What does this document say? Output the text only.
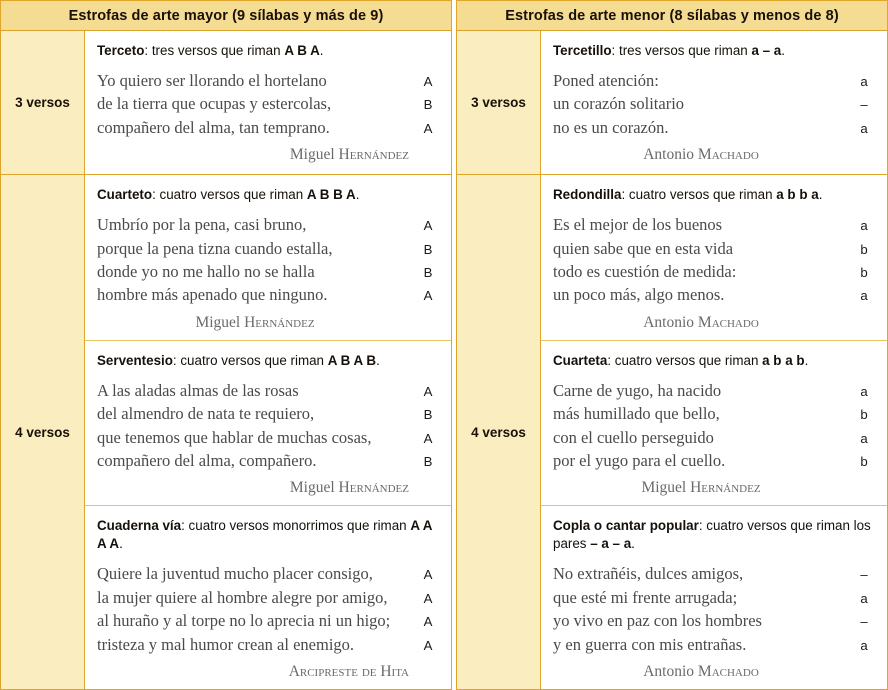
Estrofas de arte mayor (9 sílabas y más de 9)
3 versos
Terceto: tres versos que riman A B A.
Yo quiero ser llorando el hortelano	A
de la tierra que ocupas y estercolas,	B
compañero del alma, tan temprano.	A
Miguel Hernández
4 versos
Cuarteto: cuatro versos que riman A B B A.
Umbrío por la pena, casi bruno,	A
porque la pena tizna cuando estalla,	B
donde yo no me hallo no se halla	B
hombre más apenado que ninguno.	A
Miguel Hernández
Serventesio: cuatro versos que riman A B A B.
A las aladas almas de las rosas	A
del almendro de nata te requiero,	B
que tenemos que hablar de muchas cosas,	A
compañero del alma, compañero.	B
Miguel Hernández
Cuaderna vía: cuatro versos monorrimos que riman A A A A.
Quiere la juventud mucho placer consigo,	A
la mujer quiere al hombre alegre por amigo,	A
al huraño y al torpe no lo aprecia ni un higo;	A
tristeza y mal humor crean al enemigo.	A
Arcipreste de Hita
Estrofas de arte menor (8 sílabas y menos de 8)
3 versos
Tercetillo: tres versos que riman a – a.
Poned atención:	a
un corazón solitario	–
no es un corazón.	a
Antonio Machado
4 versos
Redondilla: cuatro versos que riman a b b a.
Es el mejor de los buenos	a
quien sabe que en esta vida	b
todo es cuestión de medida:	b
un poco más, algo menos.	a
Antonio Machado
Cuarteta: cuatro versos que riman a b a b.
Carne de yugo, ha nacido	a
más humillado que bello,	b
con el cuello perseguido	a
por el yugo para el cuello.	b
Miguel Hernández
Copla o cantar popular: cuatro versos que riman los pares – a – a.
No extrañéis, dulces amigos,	–
que esté mi frente arrugada;	a
yo vivo en paz con los hombres	–
y en guerra con mis entrañas.	a
Antonio Machado
